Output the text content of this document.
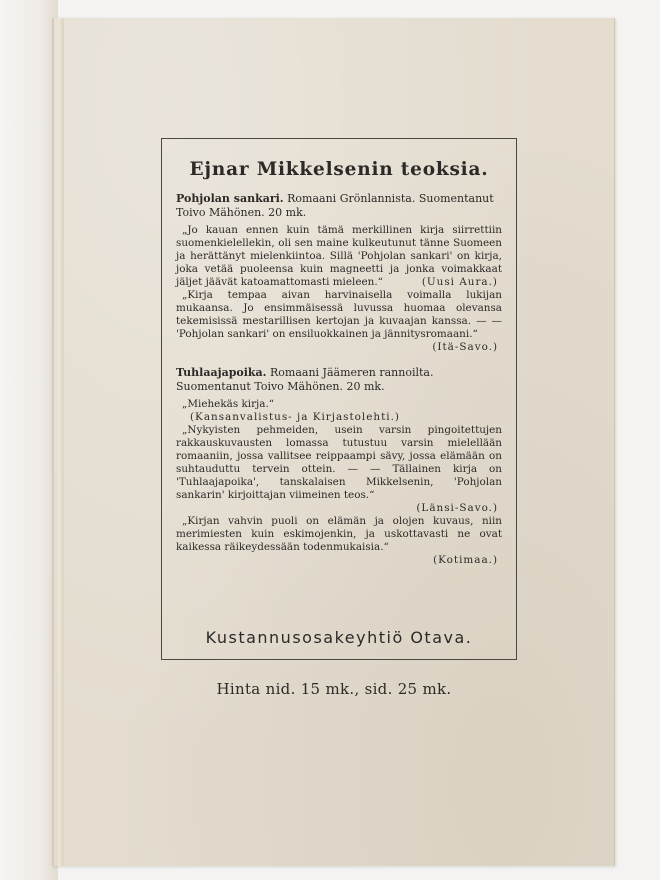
Ejnar Mikkelsenin teoksia.

Pohjolan sankari. Romaani Grönlannista. Suomentanut Toivo Mähönen. 20 mk.

„Jo kauan ennen kuin tämä merkillinen kirja siirrettiin suomenkielellekin, oli sen maine kulkeutunut tänne Suomeen ja herättänyt mielenkiintoa. Sillä 'Pohjolan sankari' on kirja, joka vetää puoleensa kuin magneetti ja jonka voimakkaat jäljet jäävät katoamattomasti mieleen.“	(Uusi Aura.)

„Kirja tempaa aivan harvinaisella voimalla lukijan mukaansa. Jo ensimmäisessä luvussa huomaa olevansa tekemisissä mestarillisen kertojan ja kuvaajan kanssa. — — 'Pohjolan sankari' on ensiluokkainen ja jännitysromaani.“

(Itä-Savo.)

Tuhlaajapoika. Romaani Jäämeren rannoilta. Suomentanut Toivo Mähönen. 20 mk.

„Miehekäs kirja.“

(Kansanvalistus- ja Kirjastolehti.)

„Nykyisten pehmeiden, usein varsin pingoitettujen rakkauskuvausten lomassa tutustuu varsin mielellään romaaniin, jossa vallitsee reippaampi sävy, jossa elämään on suhtauduttu tervein ottein. — — Tällainen kirja on 'Tuhlaajapoika', tanskalaisen Mikkelsenin, 'Pohjolan sankarin' kirjoittajan viimeinen teos.“

(Länsi-Savo.)

„Kirjan vahvin puoli on elämän ja olojen kuvaus, niin merimiesten kuin eskimojenkin, ja uskottavasti ne ovat kaikessa räikeydessään todenmukaisia.“

(Kotimaa.)

Kustannusosakeyhtiö Otava.
Hinta nid. 15 mk., sid. 25 mk.
